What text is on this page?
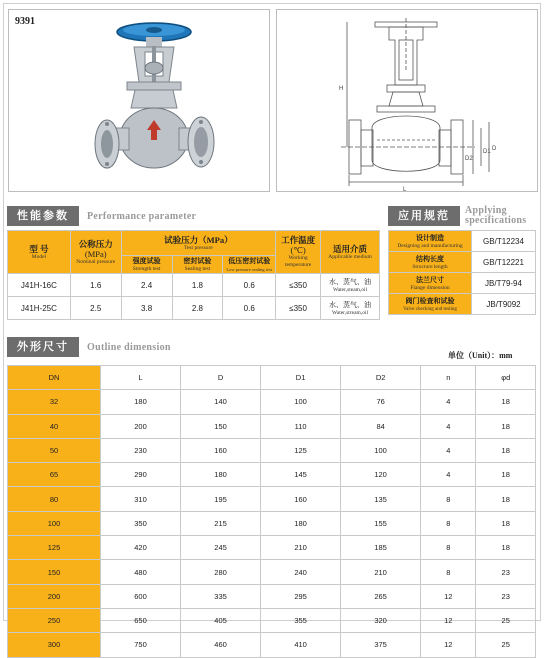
9391
H
L
D2
D1 D
性能参数	Performance parameter	应用规范	Applying
specifications
型 号
Model	公称压力
(MPa)
Nominal pressure	试验压力（MPa）
Test pressure			工作温度
(℃)
Working temperature	适用介质
Applicable medium

		强度试验
Strength test	密封试验
Sealing test	低压密封试验
Low pressure sealing test		

J41H-16C	1.6	2.4	1.8	0.6	≤350	水、蒸气、油
Water,steam,oil

J41H-25C	2.5	3.8	2.8	0.6	≤350	水、蒸气、油
Water,stream,oil
设计制造
Designing and manufacturing	GB/T12234

结构长度
Structure length	GB/T12221

法兰尺寸
Flange dimension	JB/T79-94

阀门检查和试验
Valve checking and testing	JB/T9092
外形尺寸	Outline dimension
单位（Unit）：mm
DN	L	D	D1	D2	n	φd
32	180	140	100	76	4	18
40	200	150	110	84	4	18
50	230	160	125	100	4	18
65	290	180	145	120	4	18
80	310	195	160	135	8	18
100	350	215	180	155	8	18
125	420	245	210	185	8	18
150	480	280	240	210	8	23
200	600	335	295	265	12	23
250	650	405	355	320	12	25
300	750	460	410	375	12	25
